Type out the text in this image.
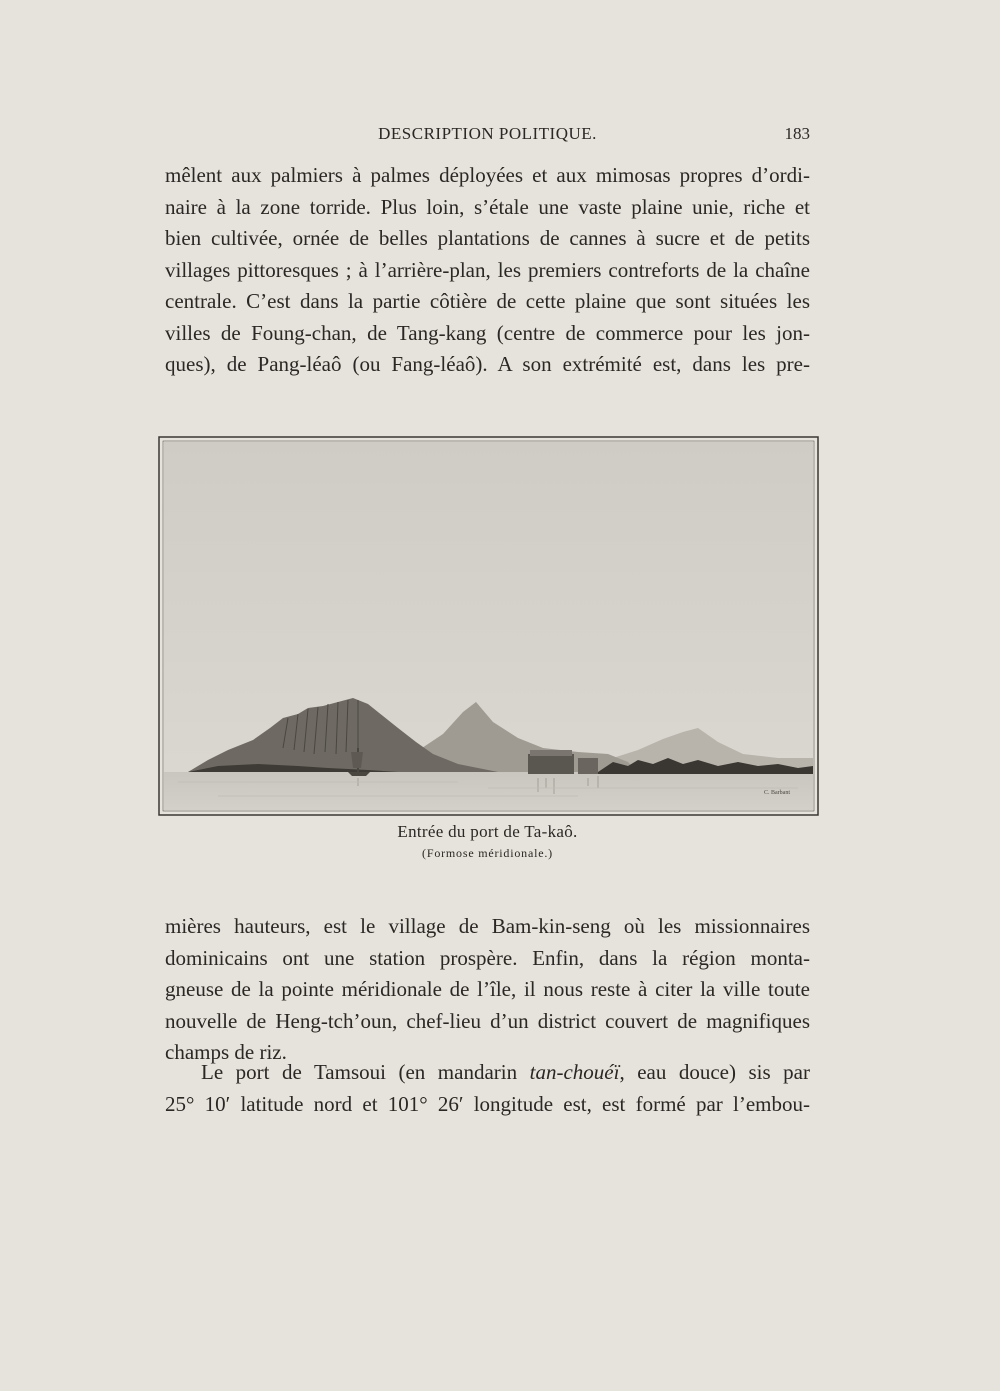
DESCRIPTION POLITIQUE.	183
mêlent aux palmiers à palmes déployées et aux mimosas propres d’ordi-
naire à la zone torride. Plus loin, s’étale une vaste plaine unie, riche et
bien cultivée, ornée de belles plantations de cannes à sucre et de petits
villages pittoresques ; à l’arrière-plan, les premiers contreforts de la chaîne
centrale. C’est dans la partie côtière de cette plaine que sont situées les
villes de Foung-chan, de Tang-kang (centre de commerce pour les jon-
ques), de Pang-léaô (ou Fang-léaô). A son extrémité est, dans les pre-
C. Barbant
Entrée du port de Ta-kaô.
(Formose méridionale.)
mières hauteurs, est le village de Bam-kin-seng où les missionnaires
dominicains ont une station prospère. Enfin, dans la région monta-
gneuse de la pointe méridionale de l’île, il nous reste à citer la ville toute
nouvelle de Heng-tch’oun, chef-lieu d’un district couvert de magnifiques
champs de riz.
Le port de Tamsoui (en mandarin tan-chouéï, eau douce) sis par
25° 10′ latitude nord et 101° 26′ longitude est, est formé par l’embou-
